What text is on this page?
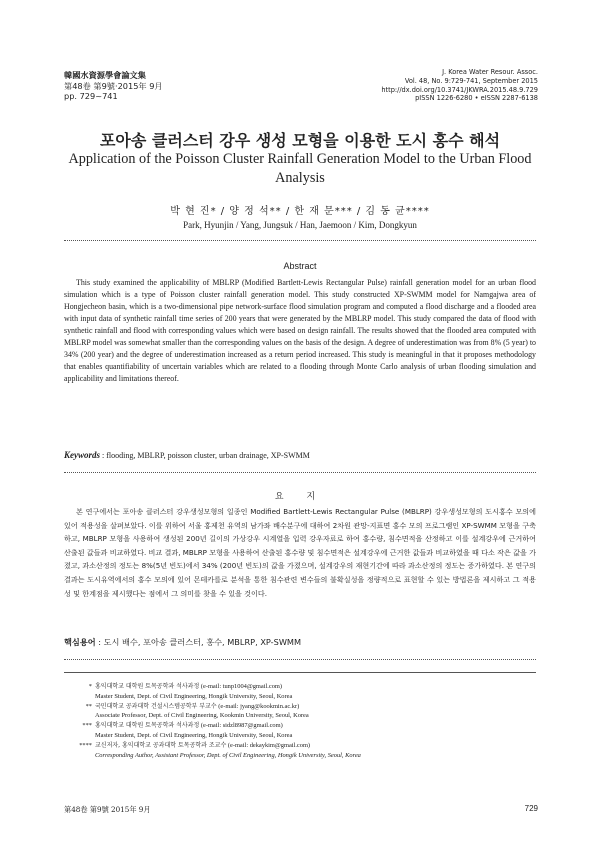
韓國水資源學會論文集
第48卷 第9號·2015年 9月
pp. 729~741
J. Korea Water Resour. Assoc.
Vol. 48, No. 9:729-741, September 2015
http://dx.doi.org/10.3741/JKWRA.2015.48.9.729
pISSN 1226-6280 • eISSN 2287-6138
포아송 클러스터 강우 생성 모형을 이용한 도시 홍수 해석
Application of the Poisson Cluster Rainfall Generation Model to the Urban Flood Analysis
박 현 진* / 양 정 석** / 한 재 문*** / 김 동 균****
Park, Hyunjin / Yang, Jungsuk / Han, Jaemoon / Kim, Dongkyun
Abstract
This study examined the applicability of MBLRP (Modified Bartlett-Lewis Rectangular Pulse) rainfall generation model for an urban flood simulation which is a type of Poisson cluster rainfall generation model. This study constructed XP-SWMM model for Namgajwa area of Hongjecheon basin, which is a two-dimensional pipe network-surface flood simulation program and computed a flood discharge and a flooded area with input data of synthetic rainfall time series of 200 years that were generated by the MBLRP model. This study compared the data of flood with synthetic rainfall and flood with corresponding values which were based on design rainfall. The results showed that the flooded area computed with MBLRP model was somewhat smaller than the corresponding values on the basis of the design. A degree of underestimation was from 8% (5 year) to 34% (200 year) and the degree of underestimation increased as a return period increased. This study is meaningful in that it proposes methodology that enables quantifiability of uncertain variables which are related to a flooding through Monte Carlo analysis of urban flooding simulation and applicability and limitations thereof.
Keywords : flooding, MBLRP, poisson cluster, urban drainage, XP-SWMM
요 지
본 연구에서는 포아송 클러스터 강우생성모형의 일종인 Modified Bartlett-Lewis Rectangular Pulse (MBLRP) 강우생성모형의 도시홍수 모의에 있어 적용성을 살펴보았다. 이를 위하여 서울 홍제천 유역의 남가좌 배수분구에 대하여 2차원 관망-지표면 홍수 모의 프로그램인 XP-SWMM 모형을 구축하고, MBLRP 모형을 사용하여 생성된 200년 길이의 가상강우 시계열을 입력 강우자료로 하여 홍수량, 침수면적을 산정하고 이를 설계강우에 근거하여 산출된 값들과 비교하였다. 비교 결과, MBLRP 모형을 사용하여 산출된 홍수량 및 침수면적은 설계강우에 근거한 값들과 비교하였을 때 다소 작은 값을 가졌고, 과소산정의 정도는 8%(5년 빈도)에서 34% (200년 빈도)의 값을 가졌으며, 설계강우의 재현기간에 따라 과소산정의 정도는 증가하였다. 본 연구의 결과는 도시유역에서의 홍수 모의에 있어 몬테카를로 분석을 통한 침수관련 변수들의 불확실성을 정량적으로 표현할 수 있는 방법론을 제시하고 그 적용성 및 한계점을 제시했다는 점에서 그 의미를 찾을 수 있을 것이다.
핵심용어 : 도시 배수, 포아송 클러스터, 홍수, MBLRP, XP-SWMM
* 홍익대학교 대학원 토목공학과 석사과정 (e-mail: tunp1004@gmail.com)
Master Student, Dept. of Civil Engineering, Hongik University, Seoul, Korea
** 국민대학교 공과대학 건설시스템공학부 부교수 (e-mail: jyang@kookmin.ac.kr)
Associate Professor, Dept. of Civil Engineering, Kookmin University, Seoul, Korea
*** 홍익대학교 대학원 토목공학과 석사과정 (e-mail: sidzl8987@gmail.com)
Master Student, Dept. of Civil Engineering, Hongik University, Seoul, Korea
**** 교신저자, 홍익대학교 공과대학 토목공학과 조교수 (e-mail: dekaykim@gmail.com)
Corresponding Author, Assistant Professor, Dept. of Civil Engineering, Hongik University, Seoul, Korea
第48卷 第9號 2015年 9月	729
